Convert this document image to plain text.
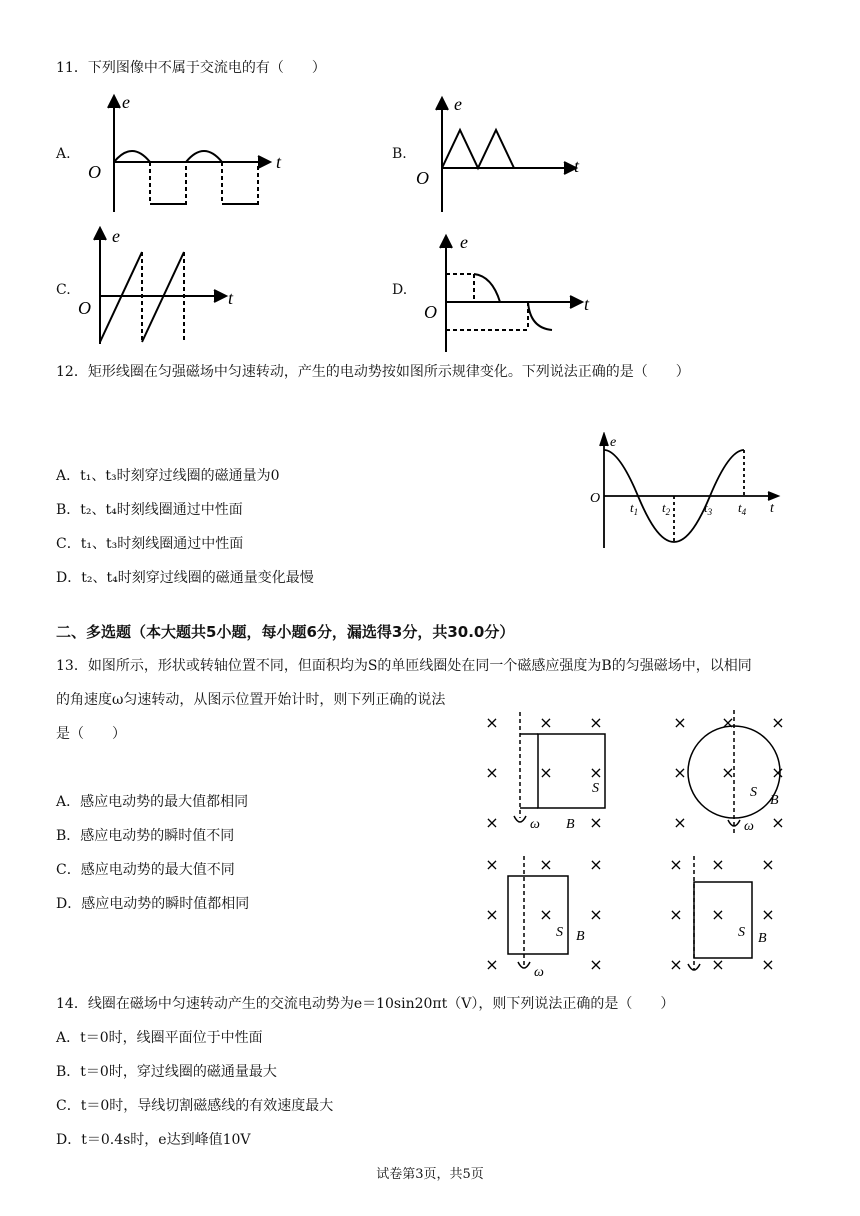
11．下列图像中不属于交流电的有（　　）
A.	B.
C.	D.
e
O	t
e
O
t
e
O	t
e
O	t
12．矩形线圈在匀强磁场中匀速转动，产生的电动势按如图所示规律变化。下列说法正确的是（　　）
A．t₁、t₃时刻穿过线圈的磁通量为0
B．t₂、t₄时刻线圈通过中性面
C．t₁、t₃时刻线圈通过中性面
D．t₂、t₄时刻穿过线圈的磁通量变化最慢
e
O
$t_1$ $t_2$	$t_3$ $t_4$ t
二、多选题（本大题共5小题，每小题6分，漏选得3分，共30.0分）
13．如图所示，形状或转轴位置不同，但面积均为S的单匝线圈处在同一个磁感应强度为B的匀强磁场中，以相同
的角速度ω匀速转动，从图示位置开始计时，则下列正确的说法
是（　　）
A．感应电动势的最大值都相同
B．感应电动势的瞬时值不同
C．感应电动势的最大值不同
D．感应电动势的瞬时值都相同
×	× ×
×	× ×
×	×
S
B
ω
× × ×
× × ×
×	×
S
B
ω
×	× ×
×	× ×
×	×
S B
ω
× × ×
× × ×
× × ×
S B
14．线圈在磁场中匀速转动产生的交流电动势为e＝10sin20πt（V），则下列说法正确的是（　　）
A．t＝0时，线圈平面位于中性面
B．t＝0时，穿过线圈的磁通量最大
C．t＝0时，导线切割磁感线的有效速度最大
D．t＝0.4s时，e达到峰值10V
试卷第3页，共5页
